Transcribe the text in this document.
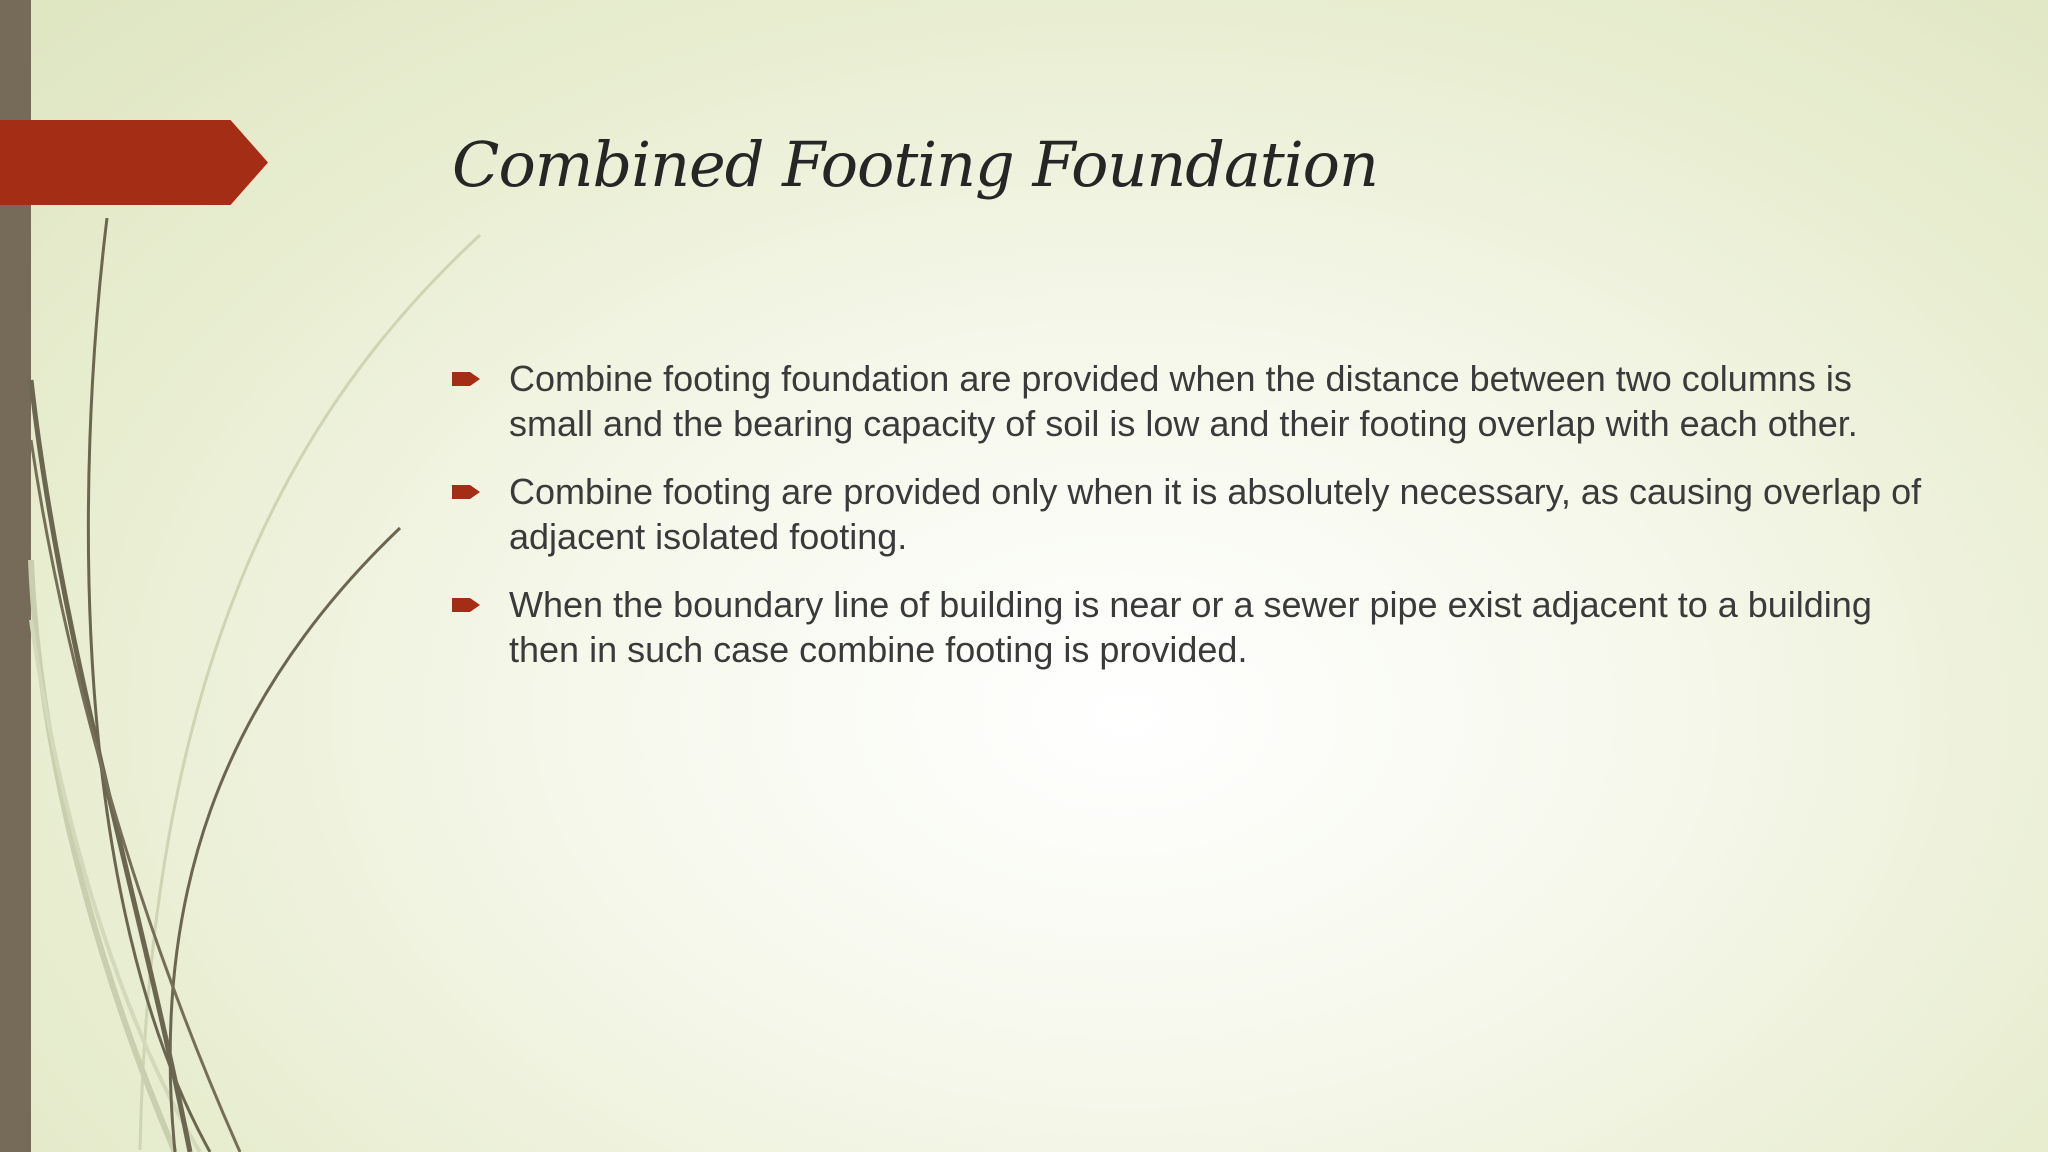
Combined Footing Foundation
Combine footing foundation are provided when the distance between two columns is small and the bearing capacity of soil is low and their footing overlap with each other.
Combine footing are provided only when it is absolutely necessary, as causing overlap of adjacent isolated footing.
When the boundary line of building is near or a sewer pipe exist adjacent to a building then in such case combine footing is provided.
